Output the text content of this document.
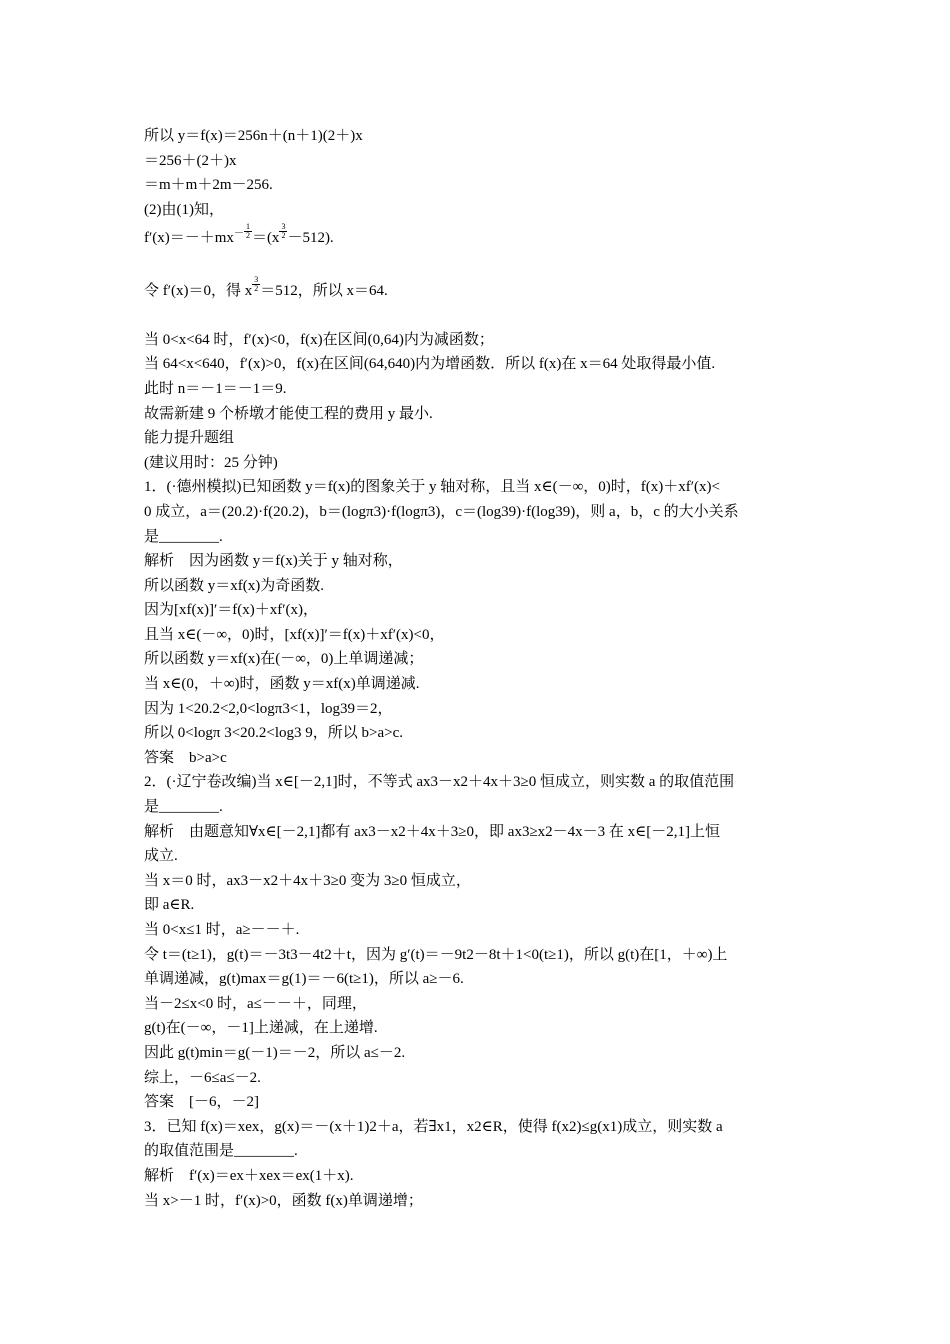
所以 y＝f(x)＝256n＋(n＋1)(2＋)x
＝256＋(2＋)x
＝m＋m＋2m－256.
(2)由(1)知，
$f'(x)=-+mx^- \frac{1}{2} =(x \frac{3}{2} -512)$.
令 f′(x)＝0，得 x $\frac{3}{2} =512$，所以 x＝64.
当 0<x<64 时，f′(x)<0，f(x)在区间(0,64)内为减函数；
当 64<x<640，f′(x)>0，f(x)在区间(64,640)内为增函数．所以 f(x)在 x＝64 处取得最小值.
此时 n＝－1＝－1＝9.
故需新建 9 个桥墩才能使工程的费用 y 最小.
能力提升题组
(建议用时：25 分钟)
1．(·德州模拟)已知函数 y＝f(x)的图象关于 y 轴对称，且当 x∈(－∞，0)时，f(x)＋xf′(x)<
0 成立，a＝(20.2)·f(20.2)，b＝(logπ3)·f(logπ3)，c＝(log39)·f(log39)，则 a，b，c 的大小关系
是________.
解析　因为函数 y＝f(x)关于 y 轴对称，
所以函数 y＝xf(x)为奇函数.
因为[xf(x)]′＝f(x)＋xf′(x)，
且当 x∈(－∞，0)时，[xf(x)]′＝f(x)＋xf′(x)<0，
所以函数 y＝xf(x)在(－∞，0)上单调递减；
当 x∈(0，＋∞)时，函数 y＝xf(x)单调递减.
因为 1<20.2<2,0<logπ3<1，log39＝2，
所以 0<logπ 3<20.2<log3 9，所以 b>a>c.
答案　b>a>c
2．(·辽宁卷改编)当 x∈[－2,1]时，不等式 ax3－x2＋4x＋3≥0 恒成立，则实数 a 的取值范围
是________.
解析　由题意知∀x∈[－2,1]都有 ax3－x2＋4x＋3≥0，即 ax3≥x2－4x－3 在 x∈[－2,1]上恒
成立.
当 x＝0 时，ax3－x2＋4x＋3≥0 变为 3≥0 恒成立，
即 a∈R.
当 0<x≤1 时，a≥－－＋.
令 t＝(t≥1)，g(t)＝－3t3－4t2＋t，因为 g′(t)＝－9t2－8t＋1<0(t≥1)，所以 g(t)在[1，＋∞)上
单调递减，g(t)max＝g(1)＝－6(t≥1)，所以 a≥－6.
当－2≤x<0 时，a≤－－＋，同理，
g(t)在(－∞，－1]上递减，在上递增.
因此 g(t)min＝g(－1)＝－2，所以 a≤－2.
综上，－6≤a≤－2.
答案　[－6，－2]
3．已知 f(x)＝xex，g(x)＝－(x＋1)2＋a，若∃x1，x2∈R，使得 f(x2)≤g(x1)成立，则实数 a
的取值范围是________.
解析　f′(x)＝ex＋xex＝ex(1＋x).
当 x>－1 时，f′(x)>0，函数 f(x)单调递增；
